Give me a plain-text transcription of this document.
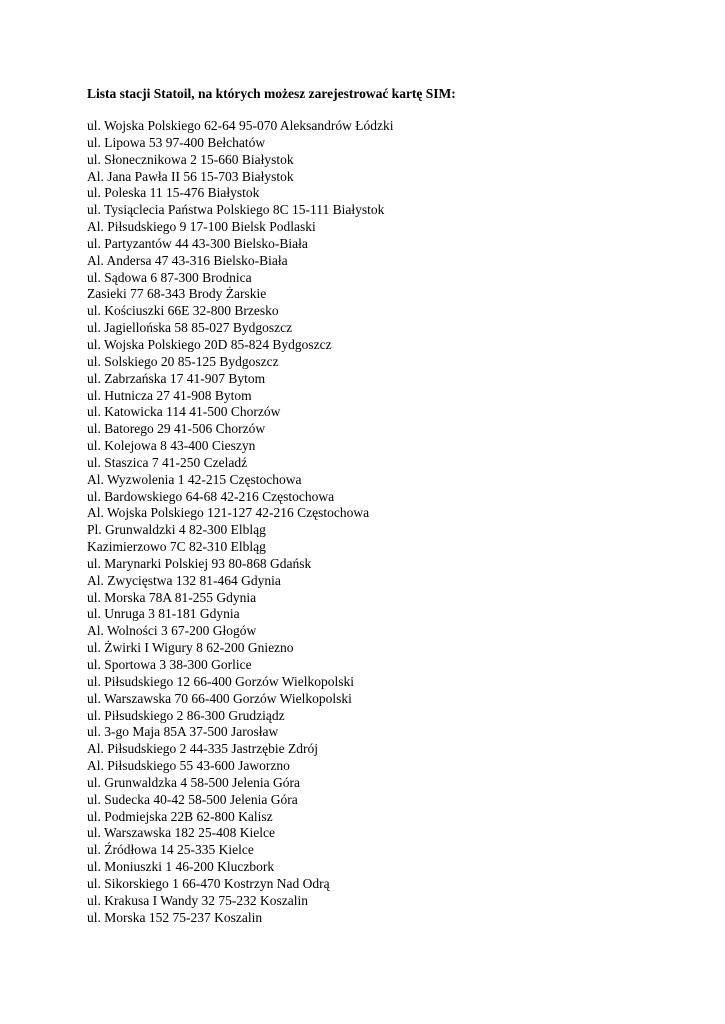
Lista stacji Statoil, na których możesz zarejestrować kartę SIM:
ul. Wojska Polskiego 62-64 95-070 Aleksandrów Łódzki
ul. Lipowa 53 97-400 Bełchatów
ul. Słonecznikowa 2 15-660 Białystok
Al. Jana Pawła II 56 15-703 Białystok
ul. Poleska 11 15-476 Białystok
ul. Tysiąclecia Państwa Polskiego 8C 15-111 Białystok
Al. Piłsudskiego 9 17-100 Bielsk Podlaski
ul. Partyzantów 44 43-300 Bielsko-Biała
Al. Andersa 47 43-316 Bielsko-Biała
ul. Sądowa 6 87-300 Brodnica
Zasieki 77 68-343 Brody Żarskie
ul. Kościuszki 66E 32-800 Brzesko
ul. Jagiellońska 58 85-027 Bydgoszcz
ul. Wojska Polskiego 20D 85-824 Bydgoszcz
ul. Solskiego 20 85-125 Bydgoszcz
ul. Zabrzańska 17 41-907 Bytom
ul. Hutnicza 27 41-908 Bytom
ul. Katowicka 114 41-500 Chorzów
ul. Batorego 29 41-506 Chorzów
ul. Kolejowa 8 43-400 Cieszyn
ul. Staszica 7 41-250 Czeladź
Al. Wyzwolenia 1 42-215 Częstochowa
ul. Bardowskiego 64-68 42-216 Częstochowa
Al. Wojska Polskiego 121-127 42-216 Częstochowa
Pl. Grunwaldzki 4 82-300 Elbląg
Kazimierzowo 7C 82-310 Elbląg
ul. Marynarki Polskiej 93 80-868 Gdańsk
Al. Zwycięstwa 132 81-464 Gdynia
ul. Morska 78A 81-255 Gdynia
ul. Unruga 3 81-181 Gdynia
Al. Wolności 3 67-200 Głogów
ul. Żwirki I Wigury 8 62-200 Gniezno
ul. Sportowa 3 38-300 Gorlice
ul. Piłsudskiego 12 66-400 Gorzów Wielkopolski
ul. Warszawska 70 66-400 Gorzów Wielkopolski
ul. Piłsudskiego 2 86-300 Grudziądz
ul. 3-go Maja 85A 37-500 Jarosław
Al. Piłsudskiego 2 44-335 Jastrzębie Zdrój
Al. Piłsudskiego 55 43-600 Jaworzno
ul. Grunwaldzka 4 58-500 Jelenia Góra
ul. Sudecka 40-42 58-500 Jelenia Góra
ul. Podmiejska 22B 62-800 Kalisz
ul. Warszawska 182 25-408 Kielce
ul. Źródłowa 14 25-335 Kielce
ul. Moniuszki 1 46-200 Kluczbork
ul. Sikorskiego 1 66-470 Kostrzyn Nad Odrą
ul. Krakusa I Wandy 32 75-232 Koszalin
ul. Morska 152 75-237 Koszalin
